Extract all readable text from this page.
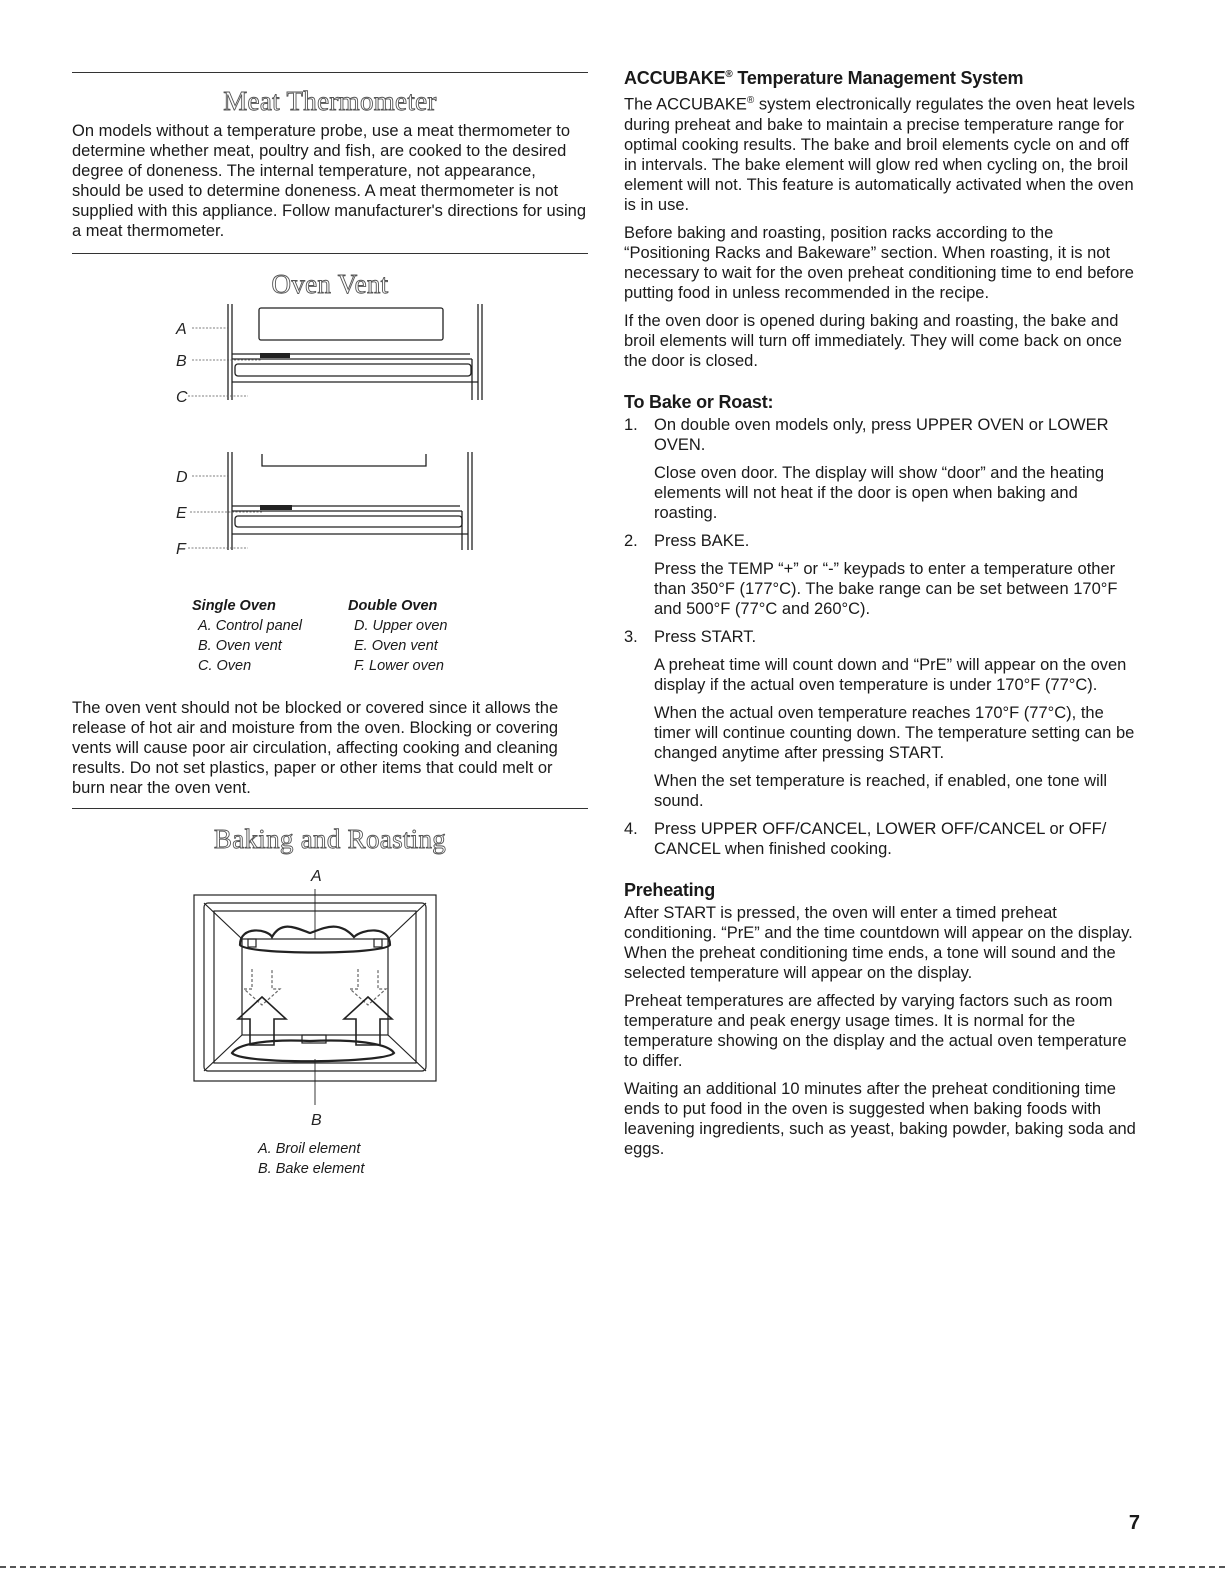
Meat Thermometer

On models without a temperature probe, use a meat thermometer to determine whether meat, poultry and fish, are cooked to the desired degree of doneness. The internal temperature, not appearance, should be used to determine doneness. A meat thermometer is not supplied with this appliance. Follow manufacturer's directions for using a meat thermometer.

Oven Vent
A
B
C
D
E
F
Single Oven
A. Control panel
B. Oven vent
C. Oven
Double Oven
D. Upper oven
E. Oven vent
F. Lower oven

The oven vent should not be blocked or covered since it allows the release of hot air and moisture from the oven. Blocking or covering vents will cause poor air circulation, affecting cooking and cleaning results. Do not set plastics, paper or other items that could melt or burn near the oven vent.

Baking and Roasting
A
B
A. Broil element
B. Bake element
ACCUBAKE® Temperature Management System

The ACCUBAKE® system electronically regulates the oven heat levels during preheat and bake to maintain a precise temperature range for optimal cooking results. The bake and broil elements cycle on and off in intervals. The bake element will glow red when cycling on, the broil element will not. This feature is automatically activated when the oven is in use.

Before baking and roasting, position racks according to the “Positioning Racks and Bakeware” section. When roasting, it is not necessary to wait for the oven preheat conditioning time to end before putting food in unless recommended in the recipe.

If the oven door is opened during baking and roasting, the bake and broil elements will turn off immediately. They will come back on once the door is closed.

To Bake or Roast:
1. On double oven models only, press UPPER OVEN or LOWER OVEN.

Close oven door. The display will show “door” and the heating elements will not heat if the door is open when baking and roasting.

2. Press BAKE.

Press the TEMP “+” or “-” keypads to enter a temperature other than 350°F (177°C). The bake range can be set between 170°F and 500°F (77°C and 260°C).

3. Press START.

A preheat time will count down and “PrE” will appear on the oven display if the actual oven temperature is under 170°F (77°C).

When the actual oven temperature reaches 170°F (77°C), the timer will continue counting down. The temperature setting can be changed anytime after pressing START.

When the set temperature is reached, if enabled, one tone will sound.

4. Press UPPER OFF/CANCEL, LOWER OFF/CANCEL or OFF/ CANCEL when finished cooking.

Preheating

After START is pressed, the oven will enter a timed preheat conditioning. “PrE” and the time countdown will appear on the display. When the preheat conditioning time ends, a tone will sound and the selected temperature will appear on the display.

Preheat temperatures are affected by varying factors such as room temperature and peak energy usage times. It is normal for the temperature showing on the display and the actual oven temperature to differ.

Waiting an additional 10 minutes after the preheat conditioning time ends to put food in the oven is suggested when baking foods with leavening ingredients, such as yeast, baking powder, baking soda and eggs.

7
